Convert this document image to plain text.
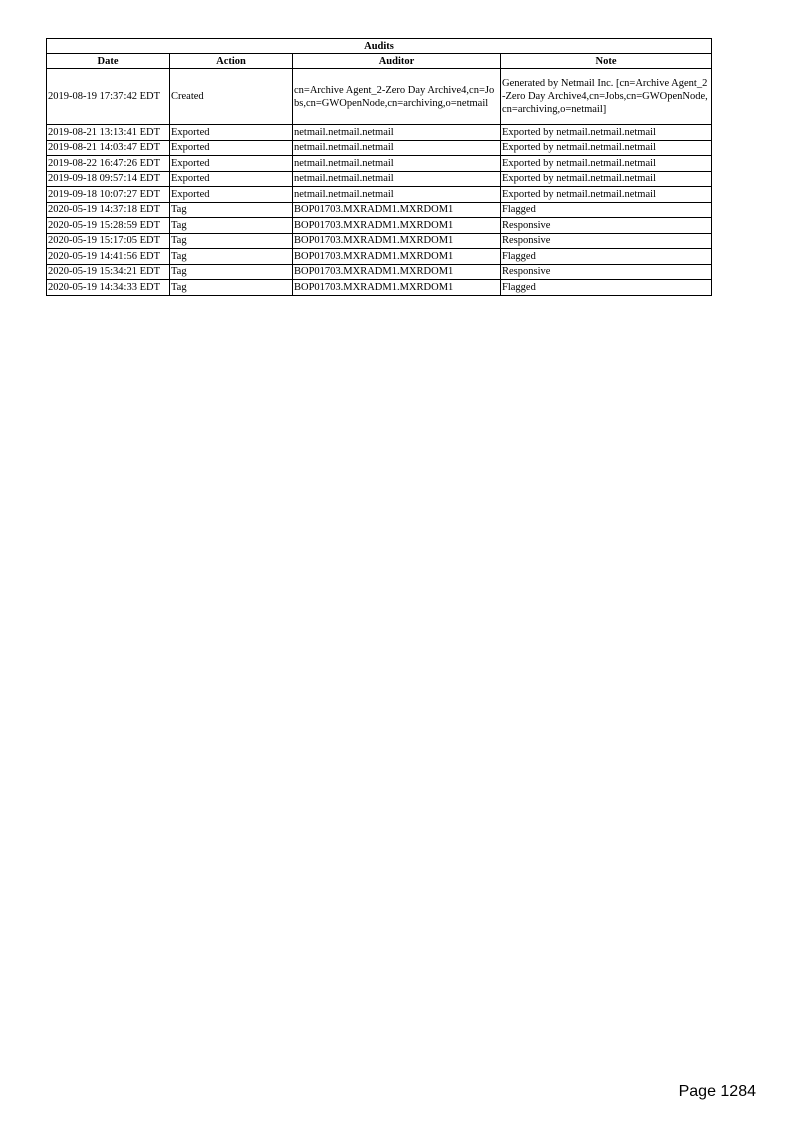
Audits			
Date	Action	Auditor	Note
2019-08-19 17:37:42 EDT	Created	cn=Archive Agent_2-Zero Day Archive4,cn=Jobs,cn=GWOpenNode,cn=archiving,o=netmail	Generated by Netmail Inc. [cn=Archive Agent_2-Zero Day Archive4,cn=Jobs,cn=GWOpenNode,cn=archiving,o=netmail]
2019-08-21 13:13:41 EDT	Exported	netmail.netmail.netmail	Exported by netmail.netmail.netmail
2019-08-21 14:03:47 EDT	Exported	netmail.netmail.netmail	Exported by netmail.netmail.netmail
2019-08-22 16:47:26 EDT	Exported	netmail.netmail.netmail	Exported by netmail.netmail.netmail
2019-09-18 09:57:14 EDT	Exported	netmail.netmail.netmail	Exported by netmail.netmail.netmail
2019-09-18 10:07:27 EDT	Exported	netmail.netmail.netmail	Exported by netmail.netmail.netmail
2020-05-19 14:37:18 EDT	Tag	BOP01703.MXRADM1.MXRDOM1	Flagged
2020-05-19 15:28:59 EDT	Tag	BOP01703.MXRADM1.MXRDOM1	Responsive
2020-05-19 15:17:05 EDT	Tag	BOP01703.MXRADM1.MXRDOM1	Responsive
2020-05-19 14:41:56 EDT	Tag	BOP01703.MXRADM1.MXRDOM1	Flagged
2020-05-19 15:34:21 EDT	Tag	BOP01703.MXRADM1.MXRDOM1	Responsive
2020-05-19 14:34:33 EDT	Tag	BOP01703.MXRADM1.MXRDOM1	Flagged
Page 1284
